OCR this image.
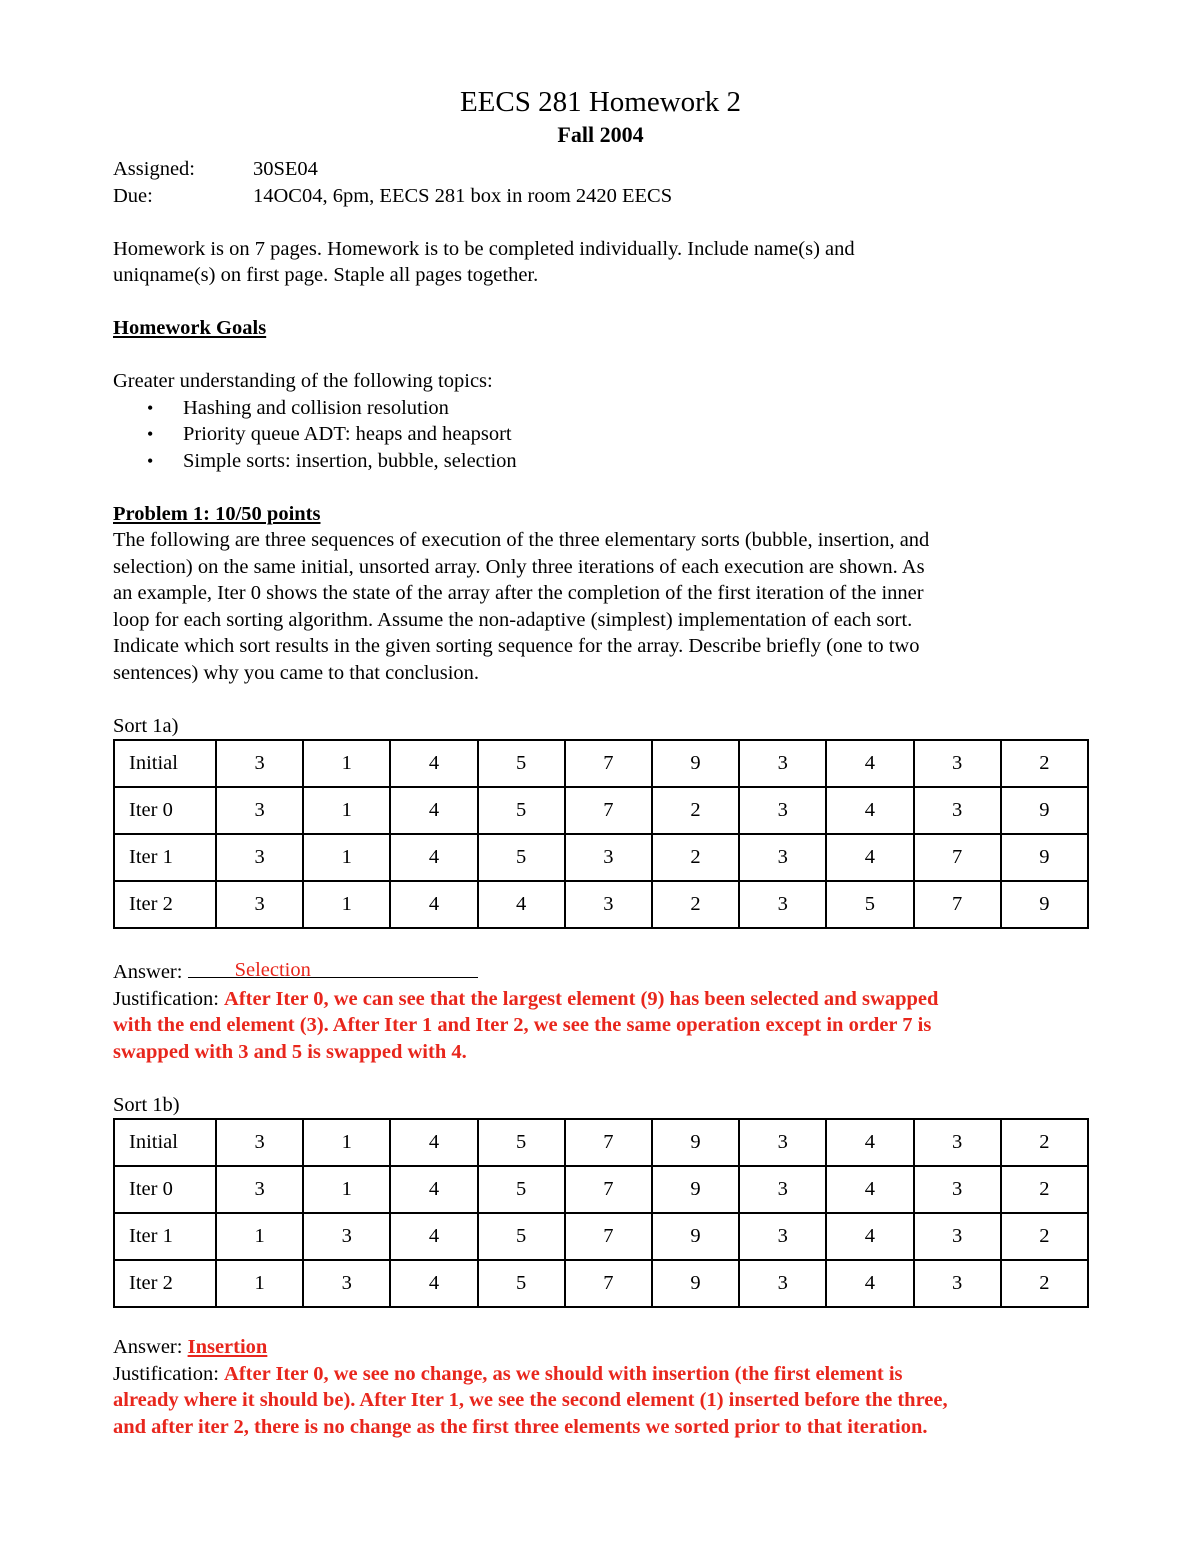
EECS 281 Homework 2
Fall 2004
Assigned:	30SE04
Due:	14OC04, 6pm, EECS 281 box in room 2420 EECS
Homework is on 7 pages. Homework is to be completed individually. Include name(s) and
uniqname(s) on first page. Staple all pages together.
Homework Goals
Greater understanding of the following topics:
• Hashing and collision resolution
• Priority queue ADT: heaps and heapsort
• Simple sorts: insertion, bubble, selection
Problem 1: 10/50 points
The following are three sequences of execution of the three elementary sorts (bubble, insertion, and
selection) on the same initial, unsorted array. Only three iterations of each execution are shown. As
an example, Iter 0 shows the state of the array after the completion of the first iteration of the inner
loop for each sorting algorithm. Assume the non-adaptive (simplest) implementation of each sort.
Indicate which sort results in the given sorting sequence for the array. Describe briefly (one to two
sentences) why you came to that conclusion.
Sort 1a)
Initial	3	1	4	5	7	9	3	4	3	2
Iter 0	3	1	4	5	7	2	3	4	3	9
Iter 1	3	1	4	5	3	2	3	4	7	9
Iter 2	3	1	4	4	3	2	3	5	7	9
Answer:	Selection
Justification: After Iter 0, we can see that the largest element (9) has been selected and swapped
with the end element (3). After Iter 1 and Iter 2, we see the same operation except in order 7 is
swapped with 3 and 5 is swapped with 4.
Sort 1b)
Initial	3	1	4	5	7	9	3	4	3	2
Iter 0	3	1	4	5	7	9	3	4	3	2
Iter 1	1	3	4	5	7	9	3	4	3	2
Iter 2	1	3	4	5	7	9	3	4	3	2
Answer: Insertion
Justification: After Iter 0, we see no change, as we should with insertion (the first element is
already where it should be). After Iter 1, we see the second element (1) inserted before the three,
and after iter 2, there is no change as the first three elements we sorted prior to that iteration.
